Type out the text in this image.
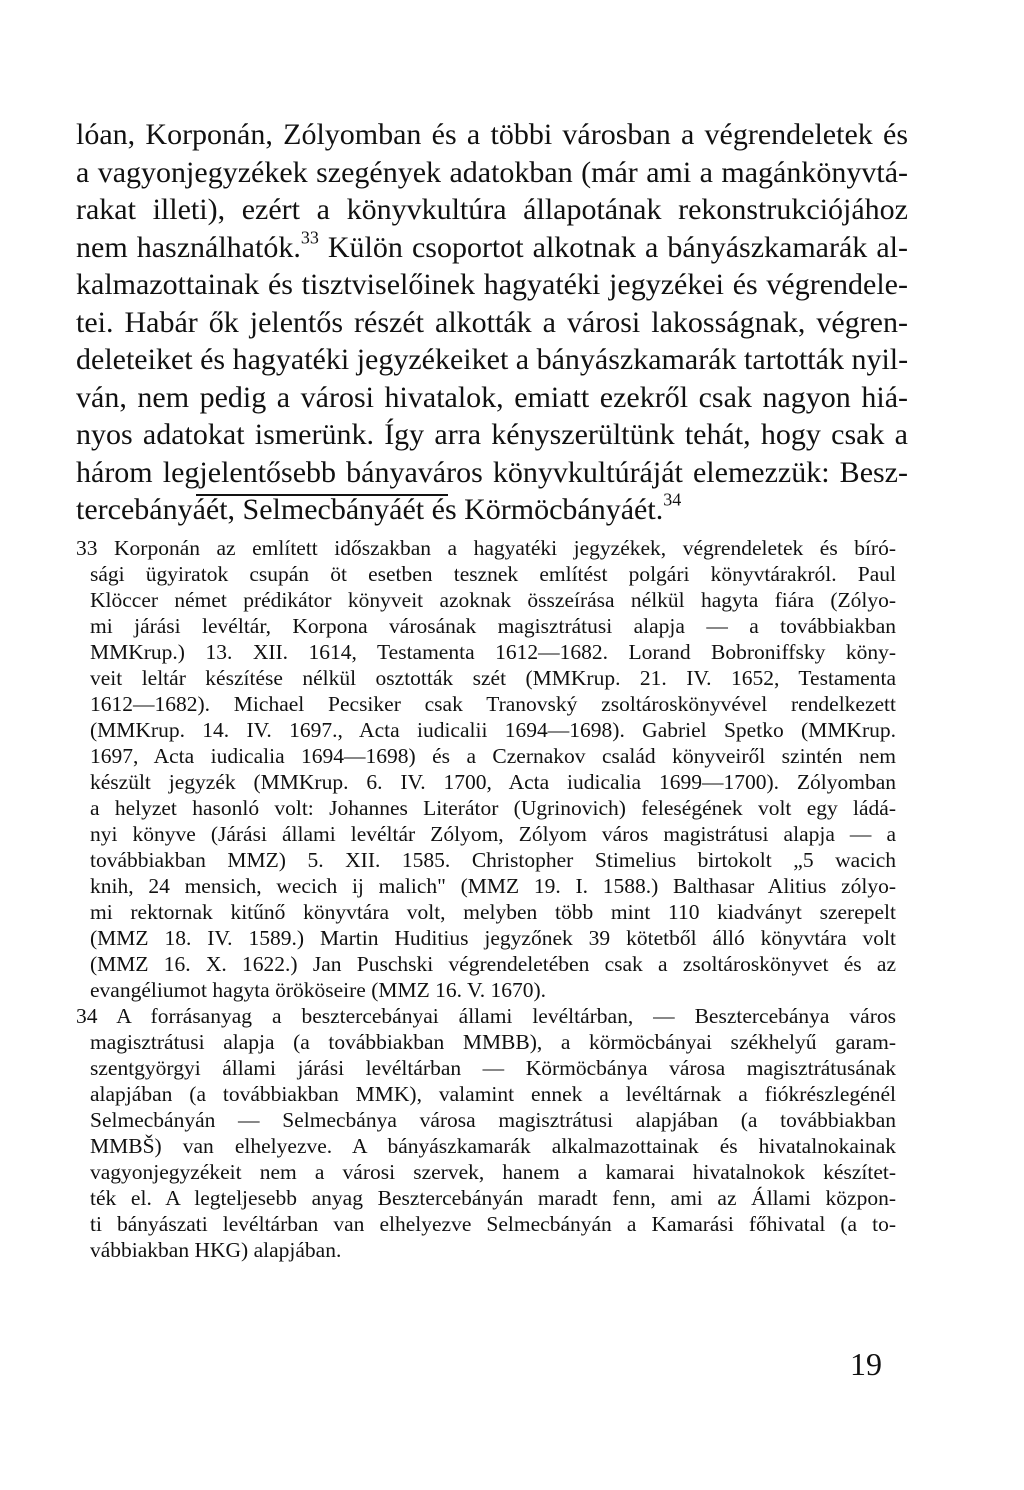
lóan, Korponán, Zólyomban és a többi városban a végrendeletek és
a vagyonjegyzékek szegények adatokban (már ami a magánkönyvtá-
rakat illeti), ezért a könyvkultúra állapotának rekonstrukciójához
nem használhatók.$^{33}$ Külön csoportot alkotnak a bányászkamarák al-
kalmazottainak és tisztviselőinek hagyatéki jegyzékei és végrendele-
tei. Habár ők jelentős részét alkották a városi lakosságnak, végren-
deleteiket és hagyatéki jegyzékeiket a bányászkamarák tartották nyil-
ván, nem pedig a városi hivatalok, emiatt ezekről csak nagyon hiá-
nyos adatokat ismerünk. Így arra kényszerültünk tehát, hogy csak a
három legjelentősebb bányaváros könyvkultúráját elemezzük: Besz-
tercebányáét, Selmecbányáét és Körmöcbányáét.$^{34}$

33 Korponán az említett időszakban a hagyatéki jegyzékek, végrendeletek és bíró-
sági ügyiratok csupán öt esetben tesznek említést polgári könyvtárakról. Paul
Klöccer német prédikátor könyveit azoknak összeírása nélkül hagyta fiára (Zólyo-
mi járási levéltár, Korpona városának magisztrátusi alapja — a továbbiakban
MMKrup.) 13. XII. 1614, Testamenta 1612—1682. Lorand Bobroniffsky köny-
veit leltár készítése nélkül osztották szét (MMKrup. 21. IV. 1652, Testamenta
1612—1682). Michael Pecsiker csak Tranovský zsoltároskönyvével rendelkezett
(MMKrup. 14. IV. 1697., Acta iudicalii 1694—1698). Gabriel Spetko (MMKrup.
1697, Acta iudicalia 1694—1698) és a Czernakov család könyveiről szintén nem
készült jegyzék (MMKrup. 6. IV. 1700, Acta iudicalia 1699—1700). Zólyomban
a helyzet hasonló volt: Johannes Literátor (Ugrinovich) feleségének volt egy ládá-
nyi könyve (Járási állami levéltár Zólyom, Zólyom város magistrátusi alapja — a
továbbiakban MMZ) 5. XII. 1585. Christopher Stimelius birtokolt „5 wacich
knih, 24 mensich, wecich ij malich" (MMZ 19. I. 1588.) Balthasar Alitius zólyo-
mi rektornak kitűnő könyvtára volt, melyben több mint 110 kiadványt szerepelt
(MMZ 18. IV. 1589.) Martin Huditius jegyzőnek 39 kötetből álló könyvtára volt
(MMZ 16. X. 1622.) Jan Puschski végrendeletében csak a zsoltároskönyvet és az
evangéliumot hagyta örököseire (MMZ 16. V. 1670).

34 A forrásanyag a besztercebányai állami levéltárban, — Besztercebánya város
magisztrátusi alapja (a továbbiakban MMBB), a körmöcbányai székhelyű garam-
szentgyörgyi állami járási levéltárban — Körmöcbánya városa magisztrátusának
alapjában (a továbbiakban MMK), valamint ennek a levéltárnak a fiókrészlegénél
Selmecbányán — Selmecbánya városa magisztrátusi alapjában (a továbbiakban
MMBŠ) van elhelyezve. A bányászkamarák alkalmazottainak és hivatalnokainak
vagyonjegyzékeit nem a városi szervek, hanem a kamarai hivatalnokok készítet-
ték el. A legteljesebb anyag Besztercebányán maradt fenn, ami az Állami közpon-
ti bányászati levéltárban van elhelyezve Selmecbányán a Kamarási főhivatal (a to-
vábbiakban HKG) alapjában.

19
